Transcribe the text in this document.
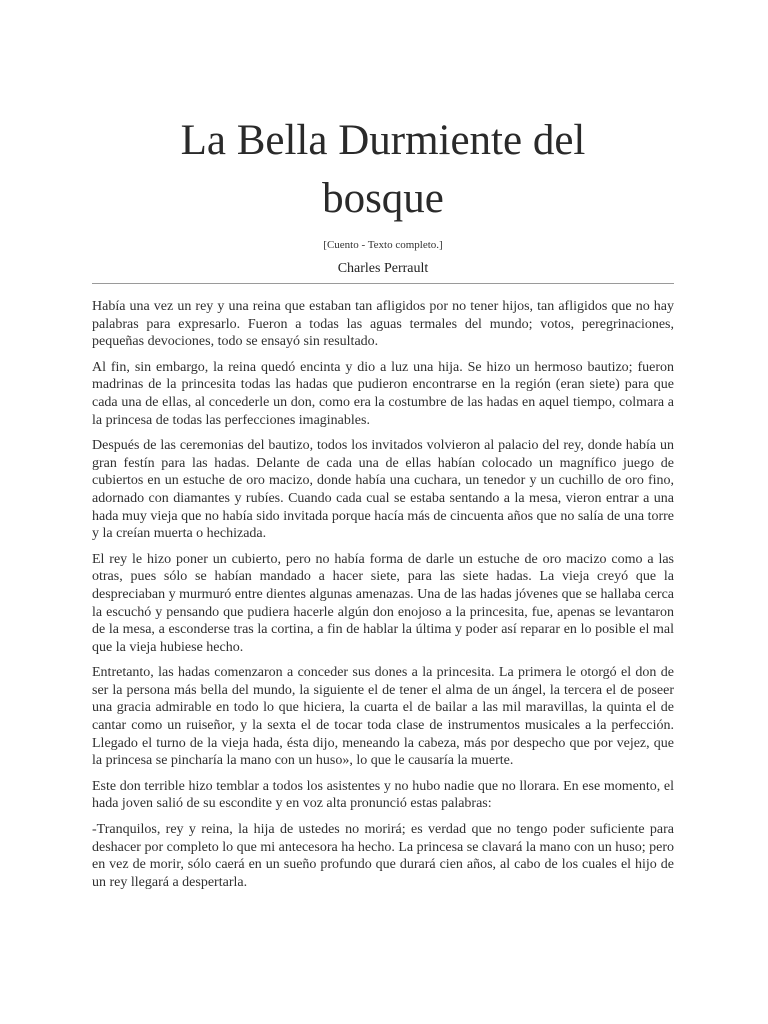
La Bella Durmiente del
bosque
[Cuento - Texto completo.]
Charles Perrault

Había una vez un rey y una reina que estaban tan afligidos por no tener hijos, tan afligidos que no hay palabras para expresarlo. Fueron a todas las aguas termales del mundo; votos, peregrinaciones, pequeñas devociones, todo se ensayó sin resultado.

Al fin, sin embargo, la reina quedó encinta y dio a luz una hija. Se hizo un hermoso bautizo; fueron madrinas de la princesita todas las hadas que pudieron encontrarse en la región (eran siete) para que cada una de ellas, al concederle un don, como era la costumbre de las hadas en aquel tiempo, colmara a la princesa de todas las perfecciones imaginables.

Después de las ceremonias del bautizo, todos los invitados volvieron al palacio del rey, donde había un gran festín para las hadas. Delante de cada una de ellas habían colocado un magnífico juego de cubiertos en un estuche de oro macizo, donde había una cuchara, un tenedor y un cuchillo de oro fino, adornado con diamantes y rubíes. Cuando cada cual se estaba sentando a la mesa, vieron entrar a una hada muy vieja que no había sido invitada porque hacía más de cincuenta años que no salía de una torre y la creían muerta o hechizada.

El rey le hizo poner un cubierto, pero no había forma de darle un estuche de oro macizo como a las otras, pues sólo se habían mandado a hacer siete, para las siete hadas. La vieja creyó que la despreciaban y murmuró entre dientes algunas amenazas. Una de las hadas jóvenes que se hallaba cerca la escuchó y pensando que pudiera hacerle algún don enojoso a la princesita, fue, apenas se levantaron de la mesa, a esconderse tras la cortina, a fin de hablar la última y poder así reparar en lo posible el mal que la vieja hubiese hecho.

Entretanto, las hadas comenzaron a conceder sus dones a la princesita. La primera le otorgó el don de ser la persona más bella del mundo, la siguiente el de tener el alma de un ángel, la tercera el de poseer una gracia admirable en todo lo que hiciera, la cuarta el de bailar a las mil maravillas, la quinta el de cantar como un ruiseñor, y la sexta el de tocar toda clase de instrumentos musicales a la perfección. Llegado el turno de la vieja hada, ésta dijo, meneando la cabeza, más por despecho que por vejez, que la princesa se pincharía la mano con un huso», lo que le causaría la muerte.

Este don terrible hizo temblar a todos los asistentes y no hubo nadie que no llorara. En ese momento, el hada joven salió de su escondite y en voz alta pronunció estas palabras:

-Tranquilos, rey y reina, la hija de ustedes no morirá; es verdad que no tengo poder suficiente para deshacer por completo lo que mi antecesora ha hecho. La princesa se clavará la mano con un huso; pero en vez de morir, sólo caerá en un sueño profundo que durará cien años, al cabo de los cuales el hijo de un rey llegará a despertarla.
